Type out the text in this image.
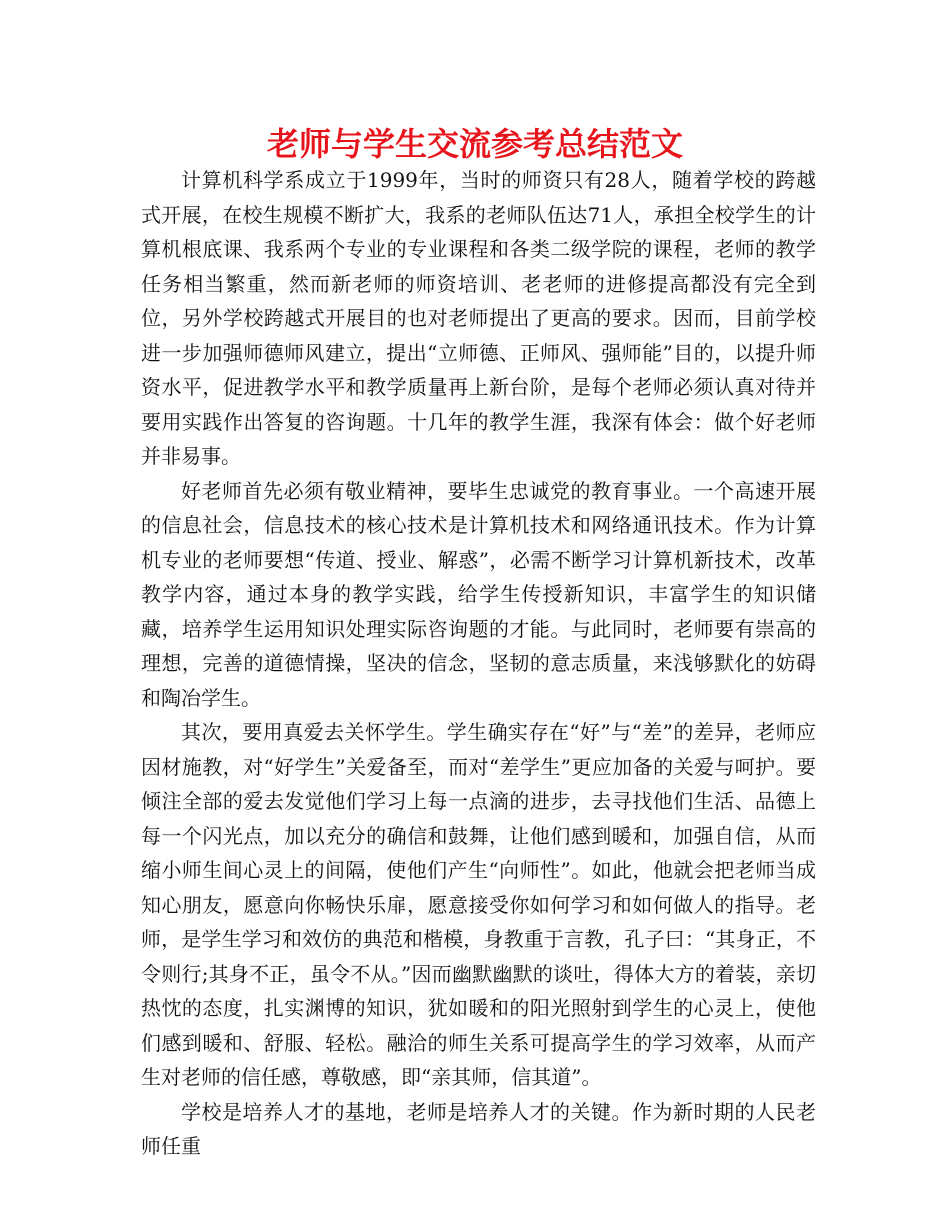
老师与学生交流参考总结范文

计算机科学系成立于1999年，当时的师资只有28人，随着学校的跨越式开展，在校生规模不断扩大，我系的老师队伍达71人，承担全校学生的计算机根底课、我系两个专业的专业课程和各类二级学院的课程，老师的教学任务相当繁重，然而新老师的师资培训、老老师的进修提高都没有完全到位，另外学校跨越式开展目的也对老师提出了更高的要求。因而，目前学校进一步加强师德师风建立，提出“立师德、正师风、强师能”目的，以提升师资水平，促进教学水平和教学质量再上新台阶，是每个老师必须认真对待并要用实践作出答复的咨询题。十几年的教学生涯，我深有体会：做个好老师并非易事。

好老师首先必须有敬业精神，要毕生忠诚党的教育事业。一个高速开展的信息社会，信息技术的核心技术是计算机技术和网络通讯技术。作为计算机专业的老师要想“传道、授业、解惑”，必需不断学习计算机新技术，改革教学内容，通过本身的教学实践，给学生传授新知识，丰富学生的知识储藏，培养学生运用知识处理实际咨询题的才能。与此同时，老师要有崇高的理想，完善的道德情操，坚决的信念，坚韧的意志质量，来浅够默化的妨碍和陶冶学生。

其次，要用真爱去关怀学生。学生确实存在“好”与“差”的差异，老师应因材施教，对“好学生”关爱备至，而对“差学生”更应加备的关爱与呵护。要倾注全部的爱去发觉他们学习上每一点滴的进步，去寻找他们生活、品德上每一个闪光点，加以充分的确信和鼓舞，让他们感到暖和，加强自信，从而缩小师生间心灵上的间隔，使他们产生“向师性”。如此，他就会把老师当成知心朋友，愿意向你畅快乐扉，愿意接受你如何学习和如何做人的指导。老师，是学生学习和效仿的典范和楷模，身教重于言教，孔子曰：“其身正，不令则行;其身不正，虽令不从。”因而幽默幽默的谈吐，得体大方的着装，亲切热忱的态度，扎实渊博的知识，犹如暖和的阳光照射到学生的心灵上，使他们感到暖和、舒服、轻松。融洽的师生关系可提高学生的学习效率，从而产生对老师的信任感，尊敬感，即“亲其师，信其道”。

学校是培养人才的基地，老师是培养人才的关键。作为新时期的人民老师任重
